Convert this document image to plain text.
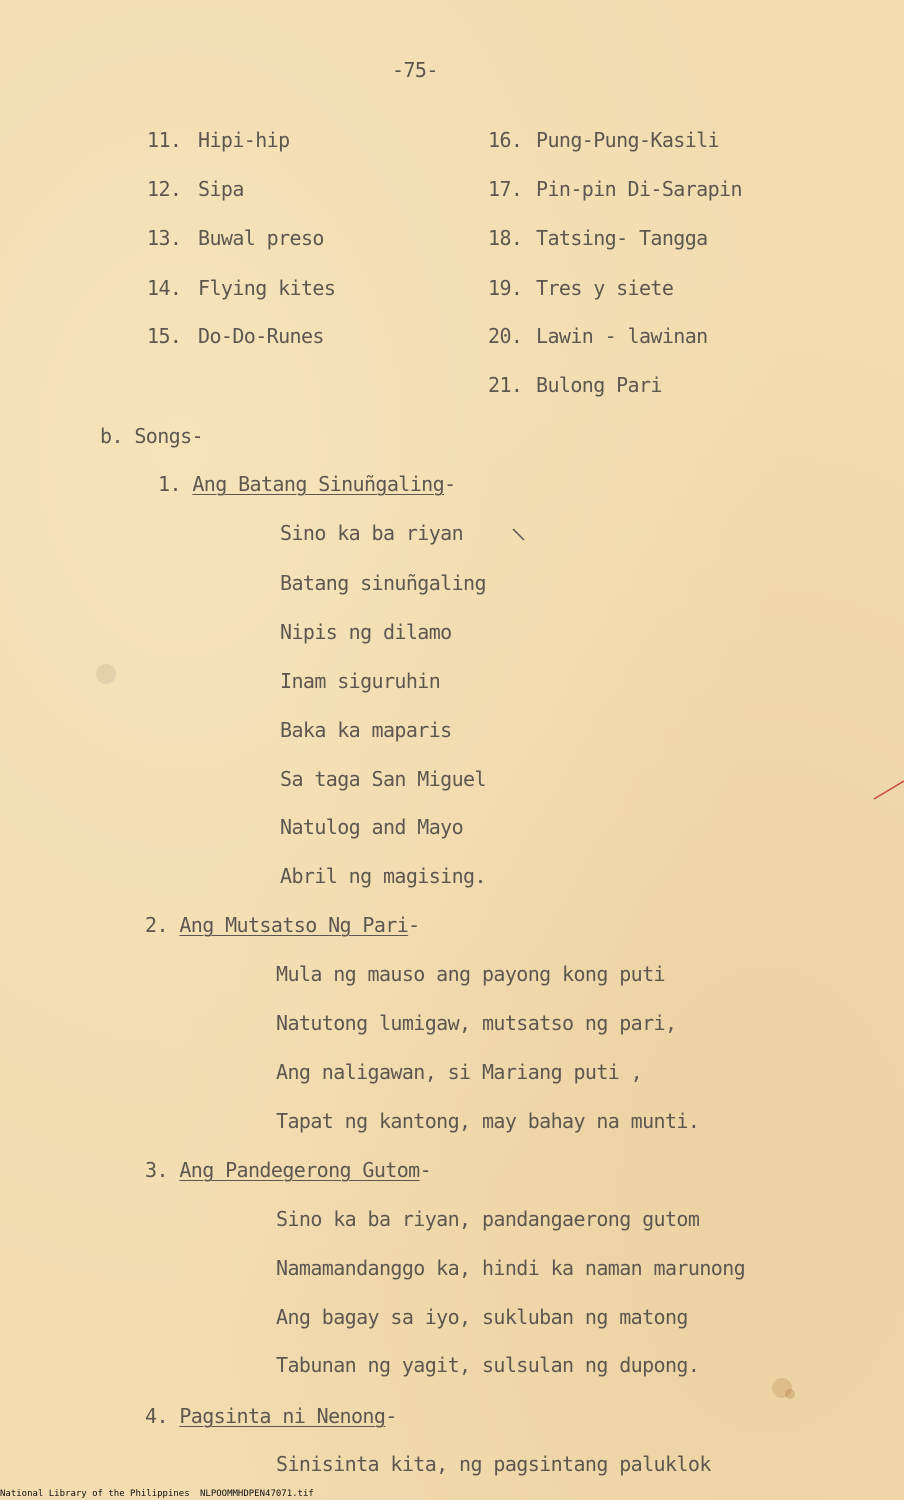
-75-
11. Hipi-hip
12. Sipa
13. Buwal preso
14. Flying kites
15. Do-Do-Runes
16. Pung-Pung-Kasili
17. Pin-pin Di-Sarapin
18. Tatsing- Tangga
19. Tres y siete
20. Lawin - lawinan
21. Bulong Pari
b. Songs-
1. Ang Batang Sinuñgaling-
Sino ka ba riyan
Batang sinuñgaling
Nipis ng dilamo
Inam siguruhin
Baka ka maparis
Sa taga San Miguel
Natulog and Mayo
Abril ng magising.
2. Ang Mutsatso Ng Pari-
Mula ng mauso ang payong kong puti
Natutong lumigaw, mutsatso ng pari,
Ang naligawan, si Mariang puti ,
Tapat ng kantong, may bahay na munti.
3. Ang Pandegerong Gutom-
Sino ka ba riyan, pandangaerong gutom
Namamandanggo ka, hindi ka naman marunong
Ang bagay sa iyo, sukluban ng matong
Tabunan ng yagit, sulsulan ng dupong.
4. Pagsinta ni Nenong-
Sinisinta kita, ng pagsintang paluklok
National Library of the Philippines NLPOOMMHDPEN47071.tif
